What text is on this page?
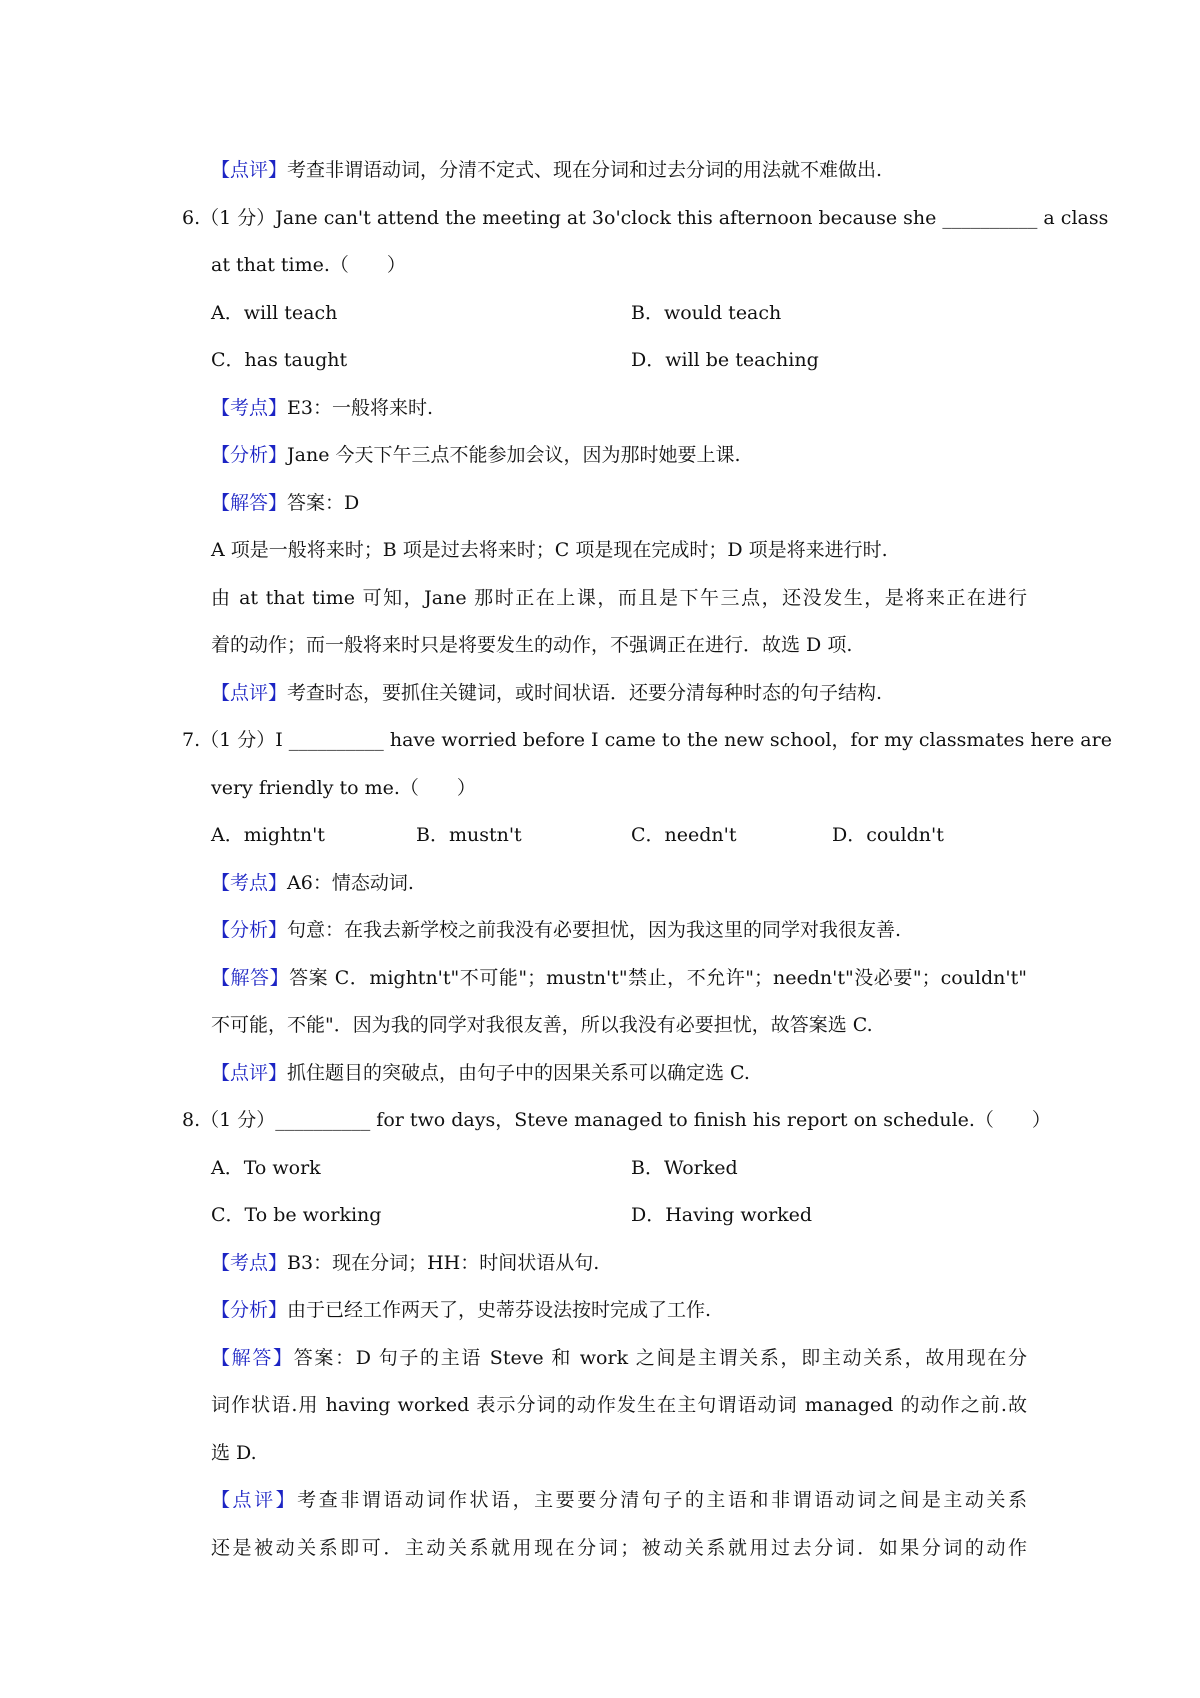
【点评】考查非谓语动词，分清不定式、现在分词和过去分词的用法就不难做出.
6.（1 分）Jane can't attend the meeting at 3o'clock this afternoon because she __________ a class
at that time.（　　）
A．will teach	B．would teach
C．has taught	D．will be teaching
【考点】E3：一般将来时.
【分析】Jane 今天下午三点不能参加会议，因为那时她要上课.
【解答】答案：D
A 项是一般将来时；B 项是过去将来时；C 项是现在完成时；D 项是将来进行时.
由 at that time 可知，Jane 那时正在上课，而且是下午三点，还没发生，是将来正在进行
着的动作；而一般将来时只是将要发生的动作，不强调正在进行．故选 D 项.
【点评】考查时态，要抓住关键词，或时间状语．还要分清每种时态的句子结构.
7.（1 分）I __________ have worried before I came to the new school，for my classmates here are
very friendly to me.（　　）
A．mightn't	B．mustn't	C．needn't	D．couldn't
【考点】A6：情态动词.
【分析】句意：在我去新学校之前我没有必要担忧，因为我这里的同学对我很友善.
【解答】答案 C．mightn't"不可能"；mustn't"禁止，不允许"；needn't"没必要"；couldn't"
不可能，不能"．因为我的同学对我很友善，所以我没有必要担忧，故答案选 C.
【点评】抓住题目的突破点，由句子中的因果关系可以确定选 C.
8.（1 分）__________ for two days，Steve managed to finish his report on schedule.（　　）
A．To work	B．Worked
C．To be working	D．Having worked
【考点】B3：现在分词；HH：时间状语从句.
【分析】由于已经工作两天了，史蒂芬设法按时完成了工作.
【解答】答案：D 句子的主语 Steve 和 work 之间是主谓关系，即主动关系，故用现在分
词作状语.用 having worked 表示分词的动作发生在主句谓语动词 managed 的动作之前.故
选 D.
【点评】考查非谓语动词作状语，主要要分清句子的主语和非谓语动词之间是主动关系
还是被动关系即可．主动关系就用现在分词；被动关系就用过去分词．如果分词的动作
